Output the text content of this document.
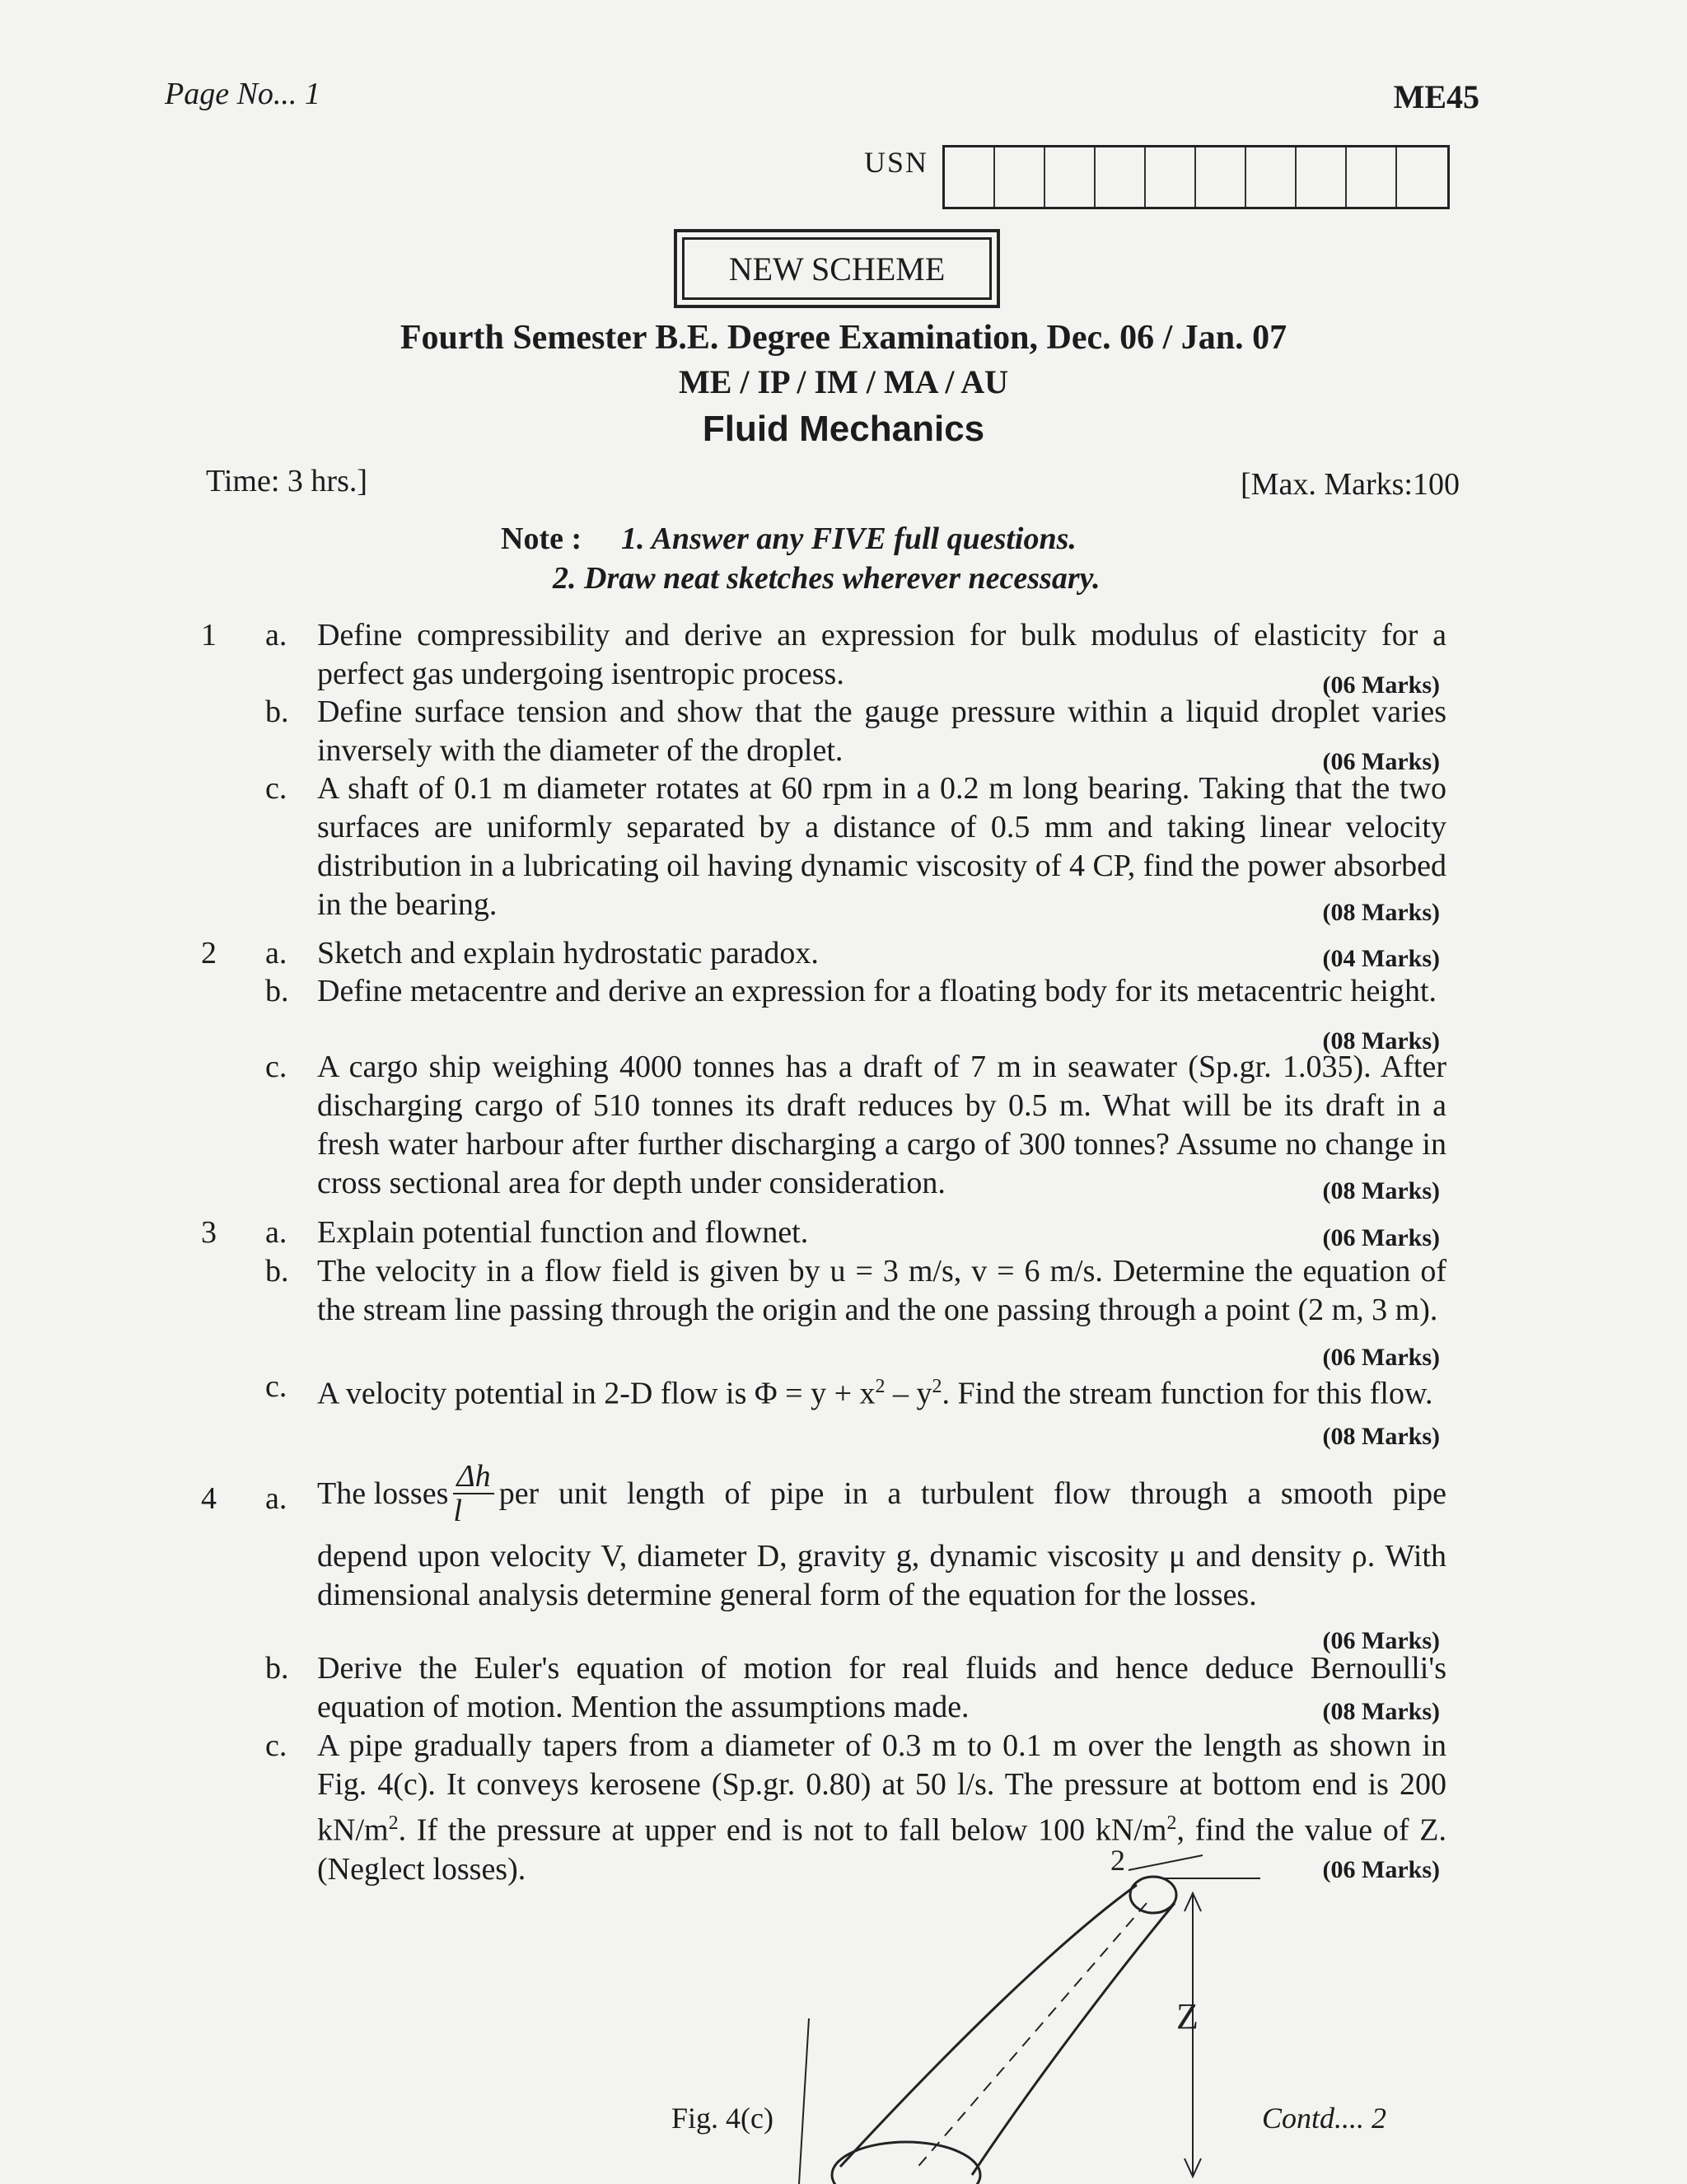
Page No... 1	ME45
USN
NEW SCHEME
Fourth Semester B.E. Degree Examination, Dec. 06 / Jan. 07
ME / IP / IM / MA / AU
Fluid Mechanics
Time: 3 hrs.]	[Max. Marks:100
Note : 1. Answer any FIVE full questions.
2. Draw neat sketches wherever necessary.
1 a. Define compressibility and derive an expression for bulk modulus of elasticity for a perfect gas undergoing isentropic process.	(06 Marks)
b. Define surface tension and show that the gauge pressure within a liquid droplet varies inversely with the diameter of the droplet.	(06 Marks)
c. A shaft of 0.1 m diameter rotates at 60 rpm in a 0.2 m long bearing. Taking that the two surfaces are uniformly separated by a distance of 0.5 mm and taking linear velocity distribution in a lubricating oil having dynamic viscosity of 4 CP, find the power absorbed in the bearing.	(08 Marks)
2 a. Sketch and explain hydrostatic paradox.	(04 Marks)
b. Define metacentre and derive an expression for a floating body for its metacentric height.
(08 Marks)
c. A cargo ship weighing 4000 tonnes has a draft of 7 m in seawater (Sp.gr. 1.035). After discharging cargo of 510 tonnes its draft reduces by 0.5 m. What will be its draft in a fresh water harbour after further discharging a cargo of 300 tonnes? Assume no change in cross sectional area for depth under consideration.	(08 Marks)
3 a. Explain potential function and flownet.	(06 Marks)
b. The velocity in a flow field is given by u = 3 m/s, v = 6 m/s. Determine the equation of the stream line passing through the origin and the one passing through a point (2 m, 3 m).
(06 Marks)
c. A velocity potential in 2-D flow is $\Phi = y + x^2 - y^2$. Find the stream function for this flow.
(08 Marks)
4 a. The losses $\frac{\Delta h}{l}$ per unit length of pipe in a turbulent flow through a smooth pipe
depend upon velocity V, diameter D, gravity g, dynamic viscosity μ and density ρ. With dimensional analysis determine general form of the equation for the losses.
(06 Marks)
b. Derive the Euler's equation of motion for real fluids and hence deduce Bernoulli's equation of motion. Mention the assumptions made.	(08 Marks)
c. A pipe gradually tapers from a diameter of 0.3 m to 0.1 m over the length as shown in Fig. 4(c). It conveys kerosene (Sp.gr. 0.80) at 50 l/s. The pressure at bottom end is 200 $kN/m^2$. If the pressure at upper end is not to fall below 100 $kN/m^2$, find the value of Z. (Neglect losses).	(06 Marks)
2
Z
Fig. 4(c)	Contd.... 2
